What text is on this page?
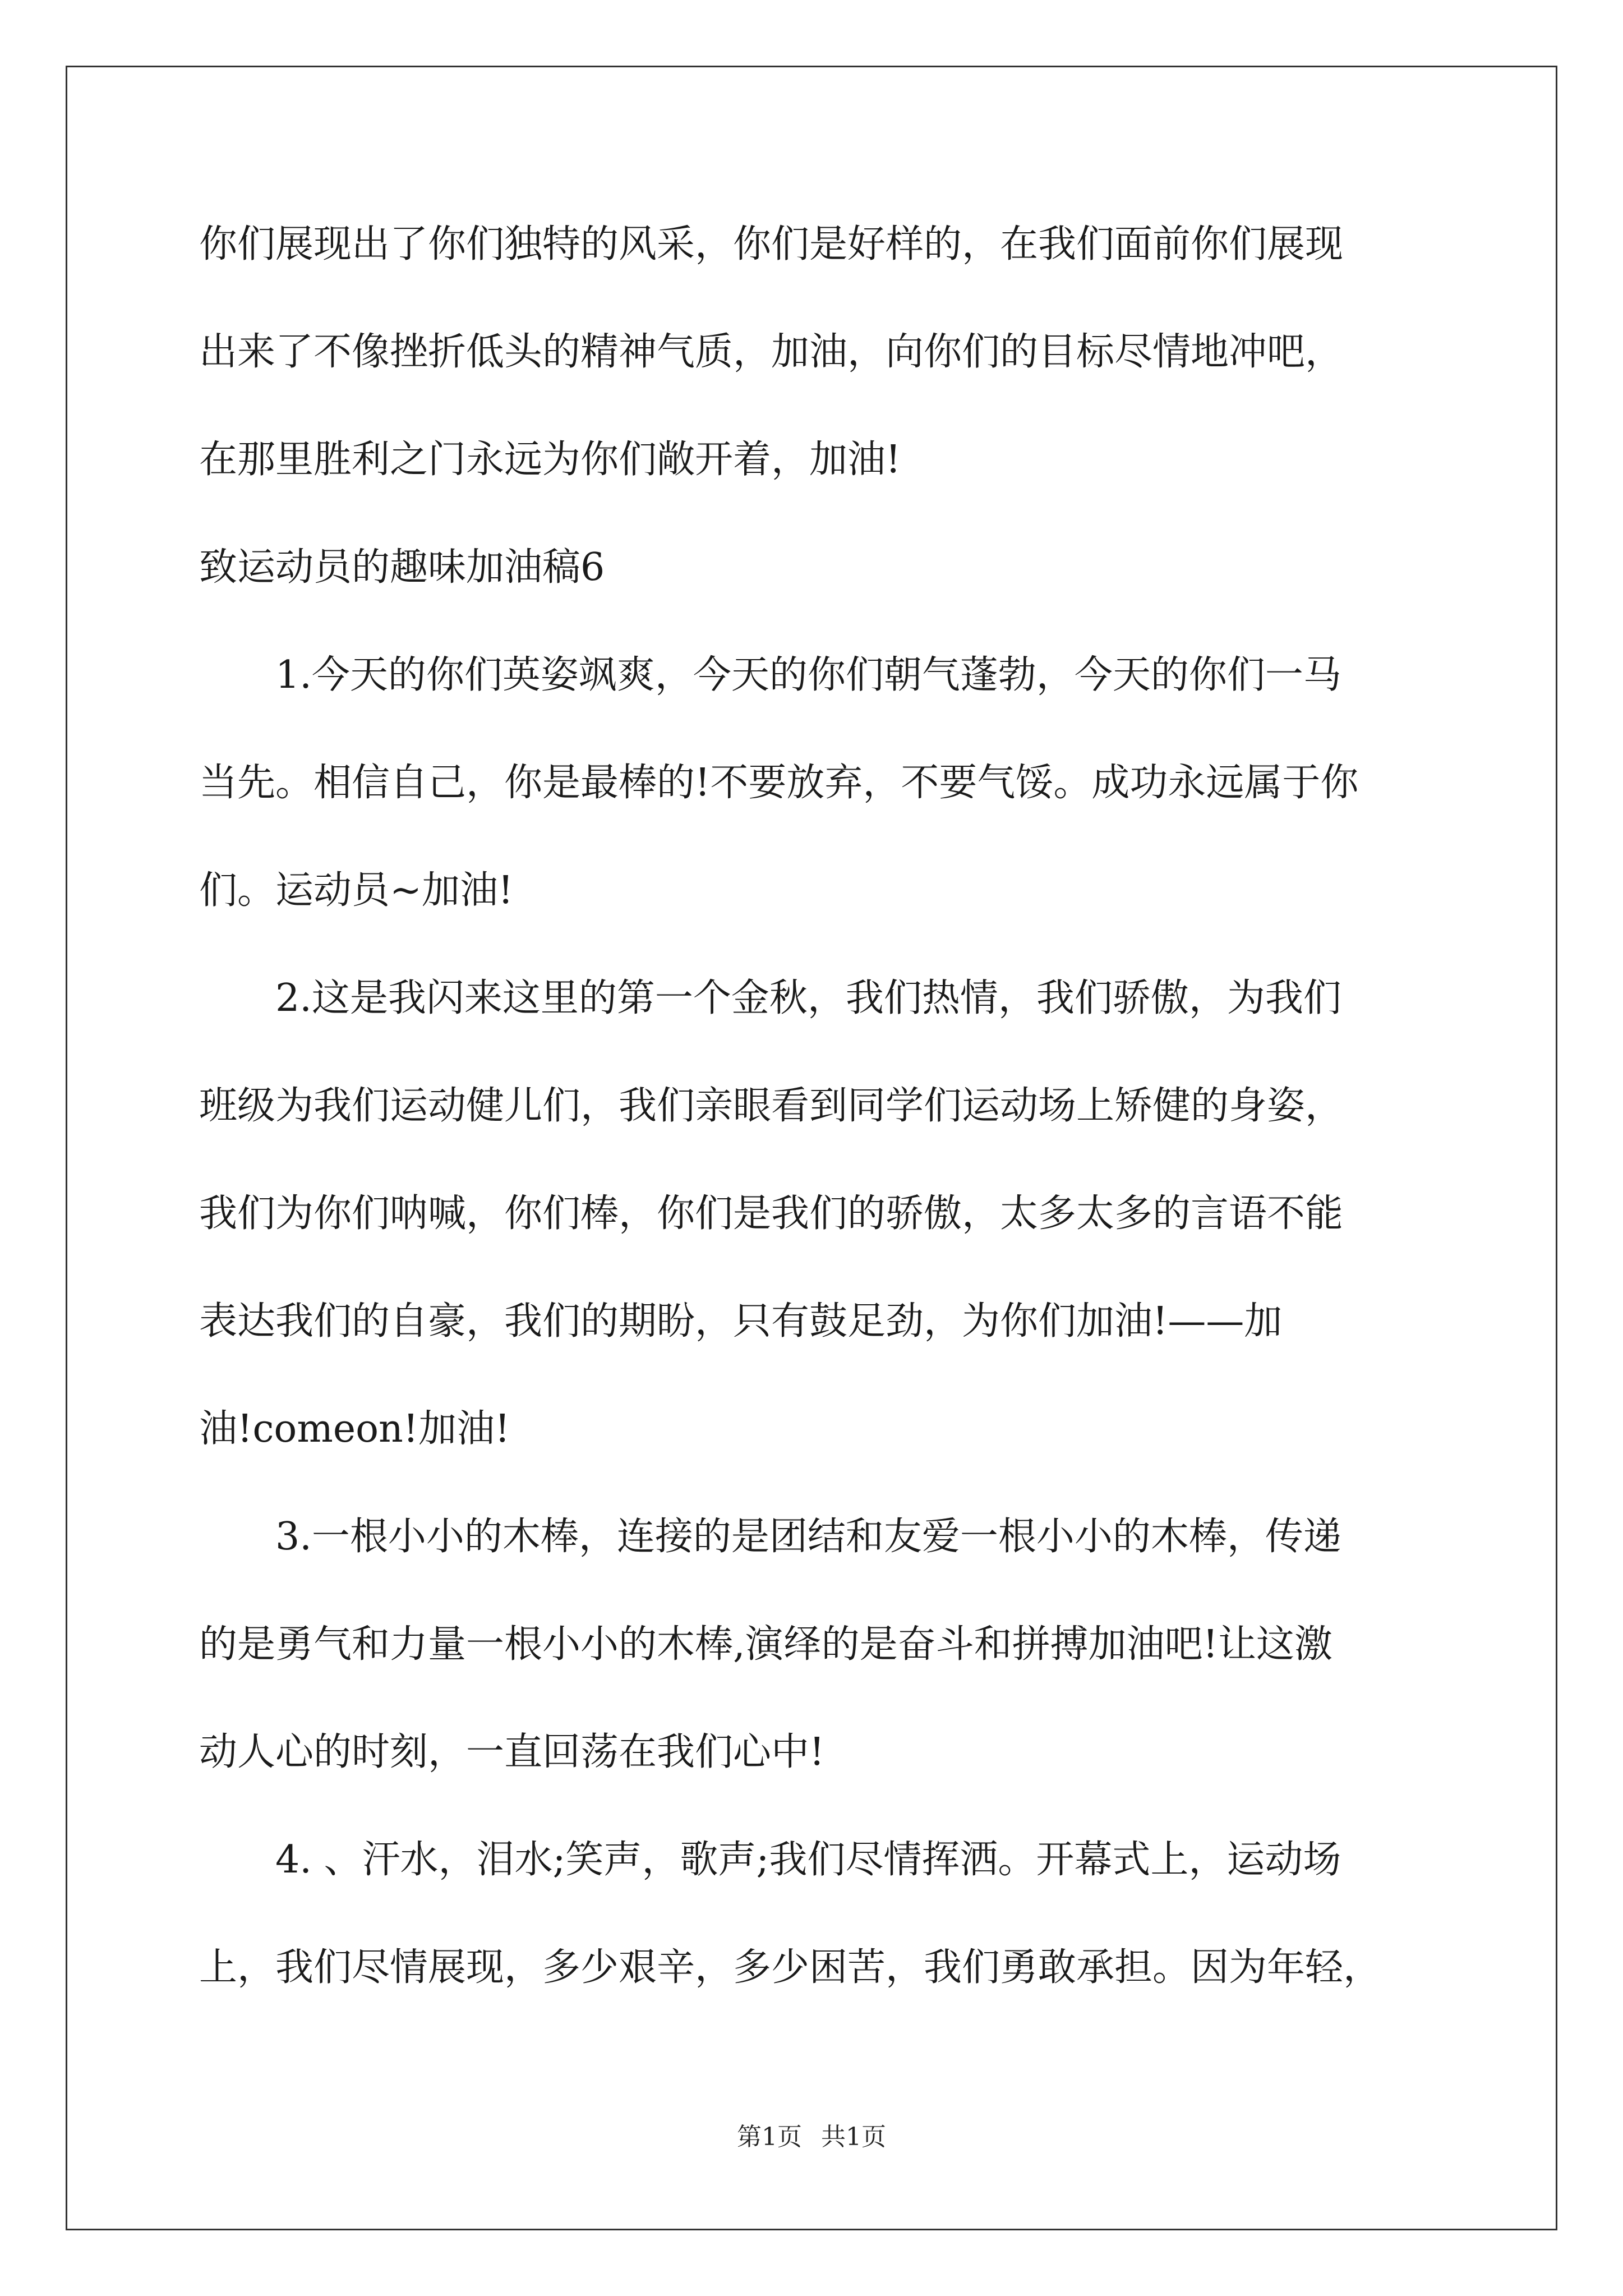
你们展现出了你们独特的风采，你们是好样的，在我们面前你们展现

出来了不像挫折低头的精神气质，加油，向你们的目标尽情地冲吧，

在那里胜利之门永远为你们敞开着，加油!

致运动员的趣味加油稿6

1.今天的你们英姿飒爽，今天的你们朝气蓬勃，今天的你们一马

当先。相信自己，你是最棒的!不要放弃，不要气馁。成功永远属于你

们。运动员~加油!

2.这是我闪来这里的第一个金秋，我们热情，我们骄傲，为我们

班级为我们运动健儿们，我们亲眼看到同学们运动场上矫健的身姿，

我们为你们呐喊，你们棒，你们是我们的骄傲，太多太多的言语不能

表达我们的自豪，我们的期盼，只有鼓足劲，为你们加油!——加

油!comeon!加油!

3.一根小小的木棒，连接的是团结和友爱一根小小的木棒，传递

的是勇气和力量一根小小的木棒,演绎的是奋斗和拼搏加油吧!让这激

动人心的时刻，一直回荡在我们心中!

4. 、汗水，泪水;笑声，歌声;我们尽情挥洒。开幕式上，运动场

上，我们尽情展现，多少艰辛，多少困苦，我们勇敢承担。因为年轻，

第1页 共1页
